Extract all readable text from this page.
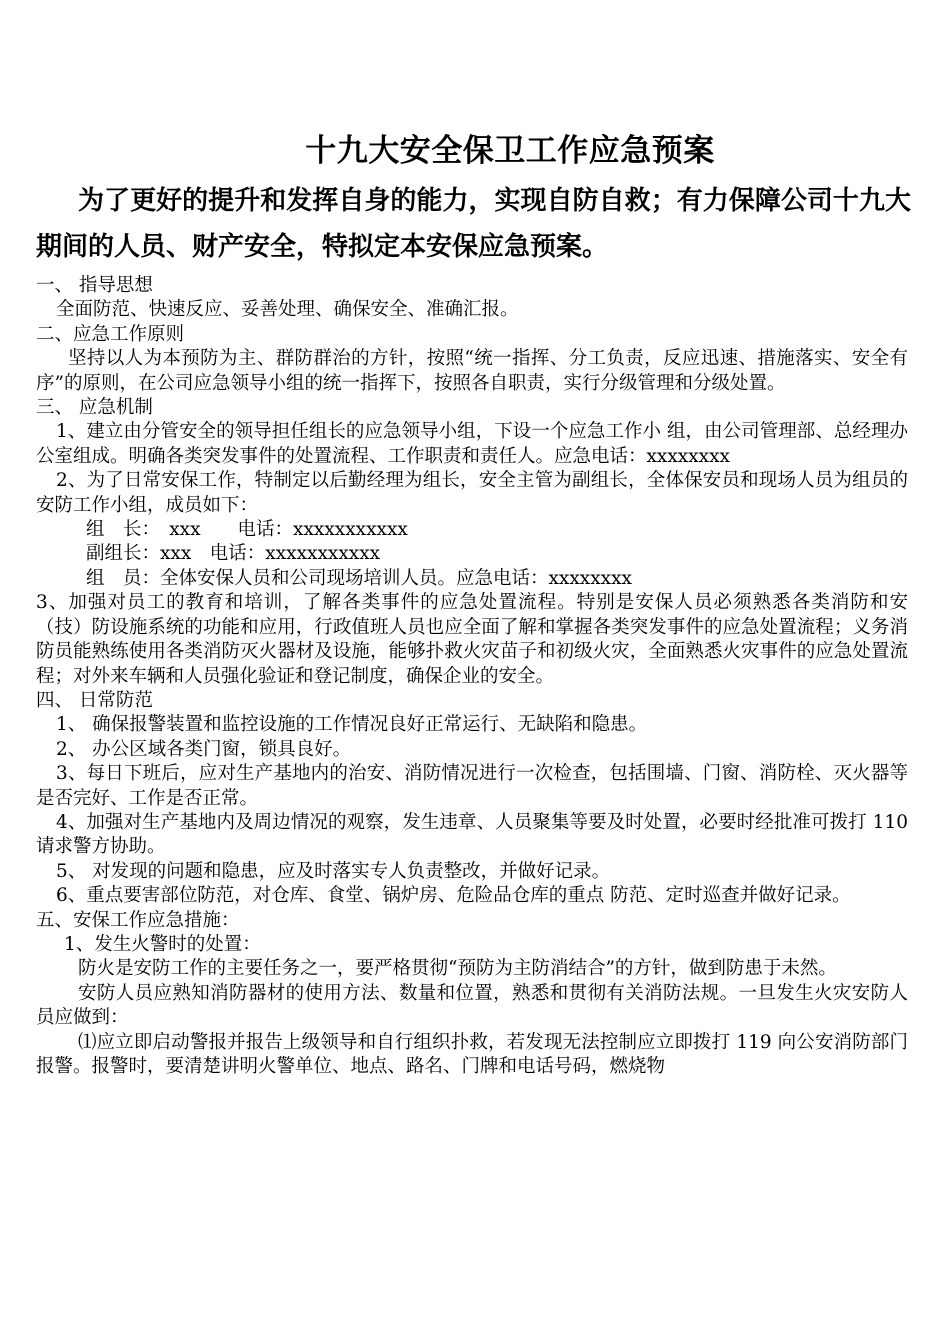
十九大安全保卫工作应急预案

为了更好的提升和发挥自身的能力，实现自防自救；有力保障公司十九大期间的人员、财产安全，特拟定本安保应急预案。

一、 指导思想

全面防范、快速反应、妥善处理、确保安全、准确汇报。

二、应急工作原则

坚持以人为本预防为主、群防群治的方针，按照“统一指挥、分工负责，反应迅速、措施落实、安全有序”的原则，在公司应急领导小组的统一指挥下，按照各自职责，实行分级管理和分级处置。

三、 应急机制

1、建立由分管安全的领导担任组长的应急领导小组，下设一个应急工作小 组，由公司管理部、总经理办公室组成。明确各类突发事件的处置流程、工作职责和责任人。应急电话：xxxxxxxx

2、为了日常安保工作，特制定以后勤经理为组长，安全主管为副组长，全体保安员和现场人员为组员的安防工作小组，成员如下：

组　长：　xxx　　电话：xxxxxxxxxxx

副组长：xxx　电话：xxxxxxxxxxx

组　员：全体安保人员和公司现场培训人员。应急电话：xxxxxxxx

3、加强对员工的教育和培训，了解各类事件的应急处置流程。特别是安保人员必须熟悉各类消防和安（技）防设施系统的功能和应用，行政值班人员也应全面了解和掌握各类突发事件的应急处置流程；义务消防员能熟练使用各类消防灭火器材及设施，能够扑救火灾苗子和初级火灾，全面熟悉火灾事件的应急处置流程；对外来车辆和人员强化验证和登记制度，确保企业的安全。

四、 日常防范

1、 确保报警装置和监控设施的工作情况良好正常运行、无缺陷和隐患。

2、 办公区域各类门窗，锁具良好。

3、每日下班后，应对生产基地内的治安、消防情况进行一次检查，包括围墙、门窗、消防栓、灭火器等是否完好、工作是否正常。

4、加强对生产基地内及周边情况的观察，发生违章、人员聚集等要及时处置，必要时经批准可拨打 110 请求警方协助。

5、 对发现的问题和隐患，应及时落实专人负责整改，并做好记录。

6、重点要害部位防范，对仓库、食堂、锅炉房、危险品仓库的重点 防范、定时巡查并做好记录。

五、安保工作应急措施：

1、发生火警时的处置：

防火是安防工作的主要任务之一，要严格贯彻“预防为主防消结合”的方针，做到防患于未然。

安防人员应熟知消防器材的使用方法、数量和位置，熟悉和贯彻有关消防法规。一旦发生火灾安防人员应做到：

⑴应立即启动警报并报告上级领导和自行组织扑救，若发现无法控制应立即拨打 119 向公安消防部门报警。报警时，要清楚讲明火警单位、地点、路名、门牌和电话号码，燃烧物
